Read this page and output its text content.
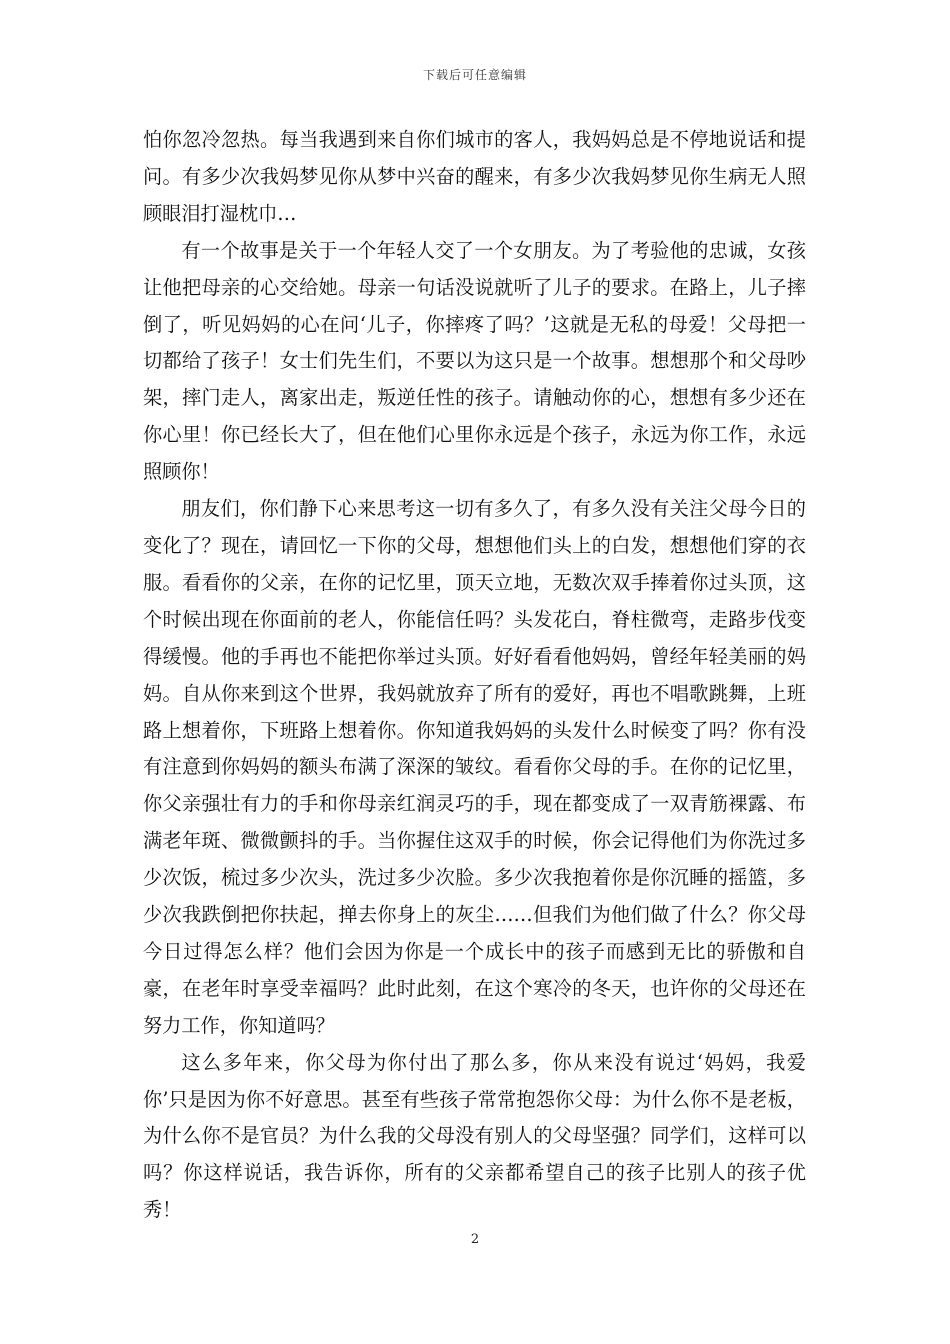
下载后可任意编辑

怕你忽冷忽热。每当我遇到来自你们城市的客人，我妈妈总是不停地说话和提问。有多少次我妈梦见你从梦中兴奋的醒来，有多少次我妈梦见你生病无人照顾眼泪打湿枕巾…

有一个故事是关于一个年轻人交了一个女朋友。为了考验他的忠诚，女孩让他把母亲的心交给她。母亲一句话没说就听了儿子的要求。在路上，儿子摔倒了，听见妈妈的心在问‘儿子，你摔疼了吗？’这就是无私的母爱！父母把一切都给了孩子！女士们先生们，不要以为这只是一个故事。想想那个和父母吵架，摔门走人，离家出走，叛逆任性的孩子。请触动你的心，想想有多少还在你心里！你已经长大了，但在他们心里你永远是个孩子，永远为你工作，永远照顾你！

朋友们，你们静下心来思考这一切有多久了，有多久没有关注父母今日的变化了？现在，请回忆一下你的父母，想想他们头上的白发，想想他们穿的衣服。看看你的父亲，在你的记忆里，顶天立地，无数次双手捧着你过头顶，这个时候出现在你面前的老人，你能信任吗？头发花白，脊柱微弯，走路步伐变得缓慢。他的手再也不能把你举过头顶。好好看看他妈妈，曾经年轻美丽的妈妈。自从你来到这个世界，我妈就放弃了所有的爱好，再也不唱歌跳舞，上班路上想着你，下班路上想着你。你知道我妈妈的头发什么时候变了吗？你有没有注意到你妈妈的额头布满了深深的皱纹。看看你父母的手。在你的记忆里，你父亲强壮有力的手和你母亲红润灵巧的手，现在都变成了一双青筋裸露、布满老年斑、微微颤抖的手。当你握住这双手的时候，你会记得他们为你洗过多少次饭，梳过多少次头，洗过多少次脸。多少次我抱着你是你沉睡的摇篮，多少次我跌倒把你扶起，掸去你身上的灰尘……但我们为他们做了什么？你父母今日过得怎么样？他们会因为你是一个成长中的孩子而感到无比的骄傲和自豪，在老年时享受幸福吗？此时此刻，在这个寒冷的冬天，也许你的父母还在努力工作，你知道吗？

这么多年来，你父母为你付出了那么多，你从来没有说过‘妈妈，我爱你’只是因为你不好意思。甚至有些孩子常常抱怨你父母：为什么你不是老板，为什么你不是官员？为什么我的父母没有别人的父母坚强？同学们，这样可以吗？你这样说话，我告诉你，所有的父亲都希望自己的孩子比别人的孩子优秀！

2
